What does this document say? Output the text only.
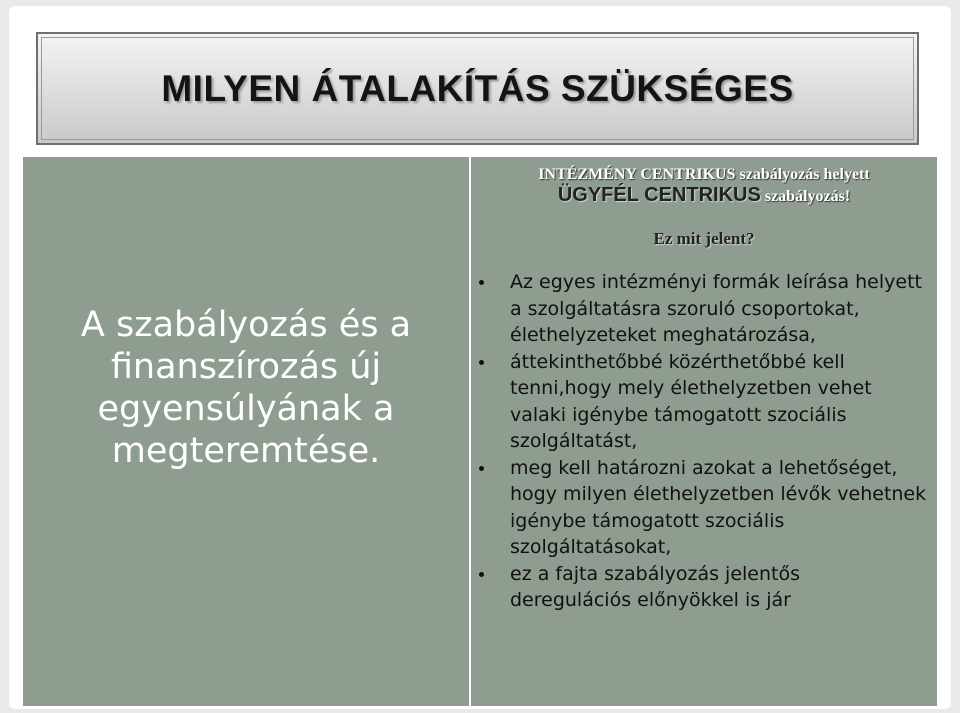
MILYEN ÁTALAKÍTÁS SZÜKSÉGES
A szabályozás és a
finanszírozás új
egyensúlyának a
megteremtése.
INTÉZMÉNY CENTRIKUS szabályozás helyett
ÜGYFÉL CENTRIKUS szabályozás!
Ez mit jelent?
Az egyes intézményi formák leírása helyett a szolgáltatásra szoruló csoportokat, élethelyzeteket meghatározása,
áttekinthetőbbé közérthetőbbé kell tenni,hogy mely élethelyzetben vehet valaki igénybe támogatott szociális szolgáltatást,
meg kell határozni azokat a lehetőséget, hogy milyen élethelyzetben lévők vehetnek igénybe támogatott szociális szolgáltatásokat,
ez a fajta szabályozás jelentős deregulációs előnyökkel is jár
